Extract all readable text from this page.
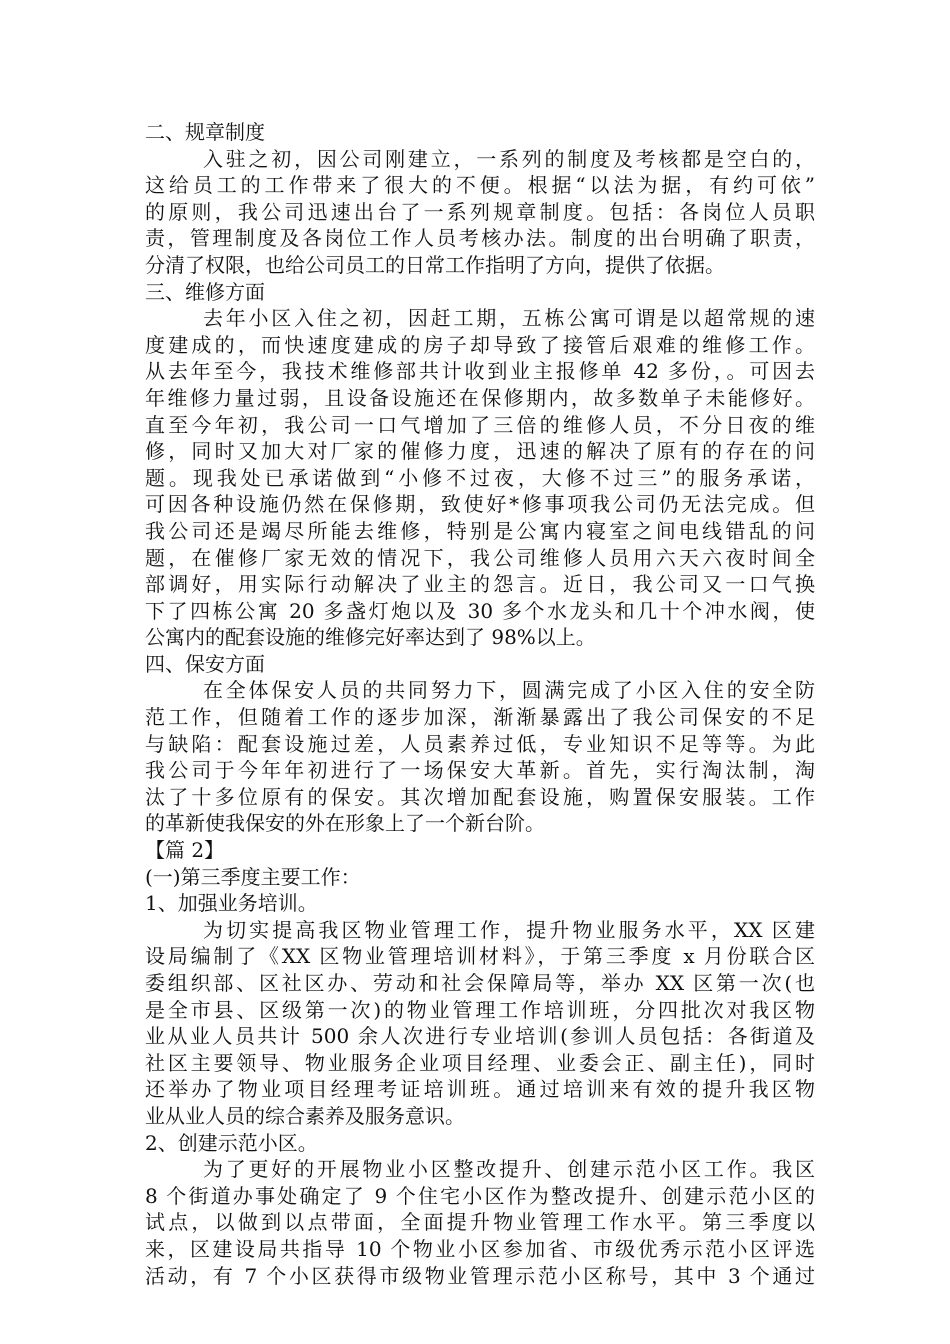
二、规章制度

入驻之初，因公司刚建立，一系列的制度及考核都是空白的，
这给员工的工作带来了很大的不便。根据“以法为据，有约可依”
的原则，我公司迅速出台了一系列规章制度。包括：各岗位人员职
责，管理制度及各岗位工作人员考核办法。制度的出台明确了职责，
分清了权限，也给公司员工的日常工作指明了方向，提供了依据。

三、维修方面

去年小区入住之初，因赶工期，五栋公寓可谓是以超常规的速
度建成的，而快速度建成的房子却导致了接管后艰难的维修工作。
从去年至今，我技术维修部共计收到业主报修单 42 多份，。可因去
年维修力量过弱，且设备设施还在保修期内，故多数单子未能修好。
直至今年初，我公司一口气增加了三倍的维修人员，不分日夜的维
修，同时又加大对厂家的催修力度，迅速的解决了原有的存在的问
题。现我处已承诺做到“小修不过夜，大修不过三”的服务承诺，
可因各种设施仍然在保修期，致使好*修事项我公司仍无法完成。但
我公司还是竭尽所能去维修，特别是公寓内寝室之间电线错乱的问
题，在催修厂家无效的情况下，我公司维修人员用六天六夜时间全
部调好，用实际行动解决了业主的怨言。近日，我公司又一口气换
下了四栋公寓 20 多盏灯炮以及 30 多个水龙头和几十个冲水阀，使
公寓内的配套设施的维修完好率达到了 98%以上。

四、保安方面

在全体保安人员的共同努力下，圆满完成了小区入住的安全防
范工作，但随着工作的逐步加深，渐渐暴露出了我公司保安的不足
与缺陷：配套设施过差，人员素养过低，专业知识不足等等。为此
我公司于今年年初进行了一场保安大革新。首先，实行淘汰制，淘
汰了十多位原有的保安。其次增加配套设施，购置保安服装。工作
的革新使我保安的外在形象上了一个新台阶。

【篇 2】

(一)第三季度主要工作：

1、加强业务培训。

为切实提高我区物业管理工作，提升物业服务水平，XX 区建
设局编制了《XX 区物业管理培训材料》，于第三季度 x 月份联合区
委组织部、区社区办、劳动和社会保障局等，举办 XX 区第一次(也
是全市县、区级第一次)的物业管理工作培训班，分四批次对我区物
业从业人员共计 500 余人次进行专业培训(参训人员包括：各街道及
社区主要领导、物业服务企业项目经理、业委会正、副主任)，同时
还举办了物业项目经理考证培训班。通过培训来有效的提升我区物
业从业人员的综合素养及服务意识。

2、创建示范小区。

为了更好的开展物业小区整改提升、创建示范小区工作。我区
8 个街道办事处确定了 9 个住宅小区作为整改提升、创建示范小区的
试点，以做到以点带面，全面提升物业管理工作水平。第三季度以
来，区建设局共指导 10 个物业小区参加省、市级优秀示范小区评选
活动，有 7 个小区获得市级物业管理示范小区称号，其中 3 个通过
